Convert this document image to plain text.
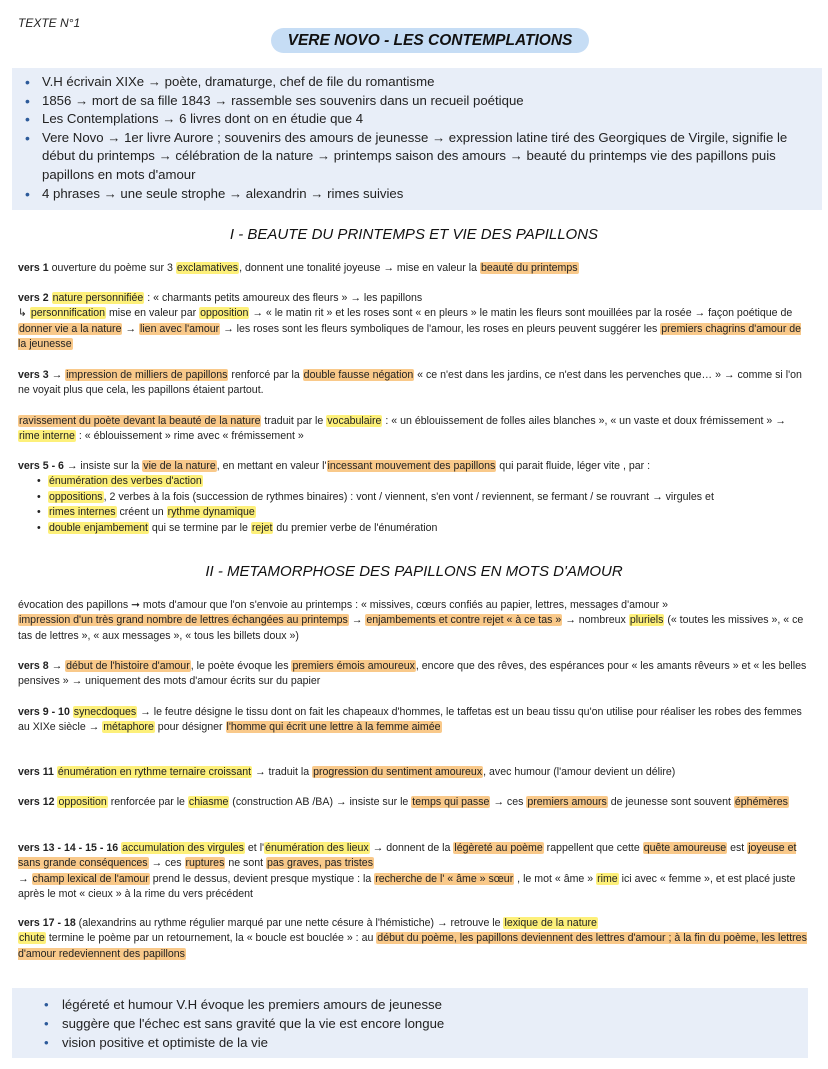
TEXTE N°1
VERE NOVO - LES CONTEMPLATIONS
• V.H écrivain XIXe → poète, dramaturge, chef de file du romantisme
• 1856 → mort de sa fille 1843 → rassemble ses souvenirs dans un recueil poétique
• Les Contemplations → 6 livres dont on en étudie que 4
• Vere Novo → 1er livre Aurore ; souvenirs des amours de jeunesse → expression latine tiré des Georgiques de Virgile, signifie le début du printemps → célébration de la nature → printemps saison des amours → beauté du printemps vie des papillons puis papillons en mots d'amour
• 4 phrases → une seule strophe → alexandrin → rimes suivies
I - BEAUTE DU PRINTEMPS ET VIE DES PAPILLONS

vers 1 ouverture du poème sur 3 exclamatives, donnent une tonalité joyeuse → mise en valeur la beauté du printemps

vers 2 nature personnifiée : « charmants petits amoureux des fleurs » → les papillons
↳ personnification mise en valeur par opposition → « le matin rit » et les roses sont « en pleurs » le matin les fleurs sont mouillées par la rosée → façon poétique de donner vie a la nature → lien avec l'amour → les roses sont les fleurs symboliques de l'amour, les roses en pleurs peuvent suggérer les premiers chagrins d'amour de la jeunesse

vers 3 → impression de milliers de papillons renforcé par la double fausse négation « ce n'est dans les jardins, ce n'est dans les pervenches que… » → comme si l'on ne voyait plus que cela, les papillons étaient partout.

ravissement du poète devant la beauté de la nature traduit par le vocabulaire : « un éblouissement de folles ailes blanches », « un vaste et doux frémissement » → rime interne : « éblouissement » rime avec « frémissement »

vers 5 - 6 → insiste sur la vie de la nature, en mettant en valeur l'incessant mouvement des papillons qui parait fluide, léger vite , par :

• énumération des verbes d'action
• oppositions, 2 verbes à la fois (succession de rythmes binaires) : vont / viennent, s'en vont / reviennent, se fermant / se rouvrant → virgules et
• rimes internes créent un rythme dynamique
• double enjambement qui se termine par le rejet du premier verbe de l'énumération
II - METAMORPHOSE DES PAPILLONS EN MOTS D'AMOUR

évocation des papillons ➞ mots d'amour que l'on s'envoie au printemps : « missives, cœurs confiés au papier, lettres, messages d'amour »
impression d'un très grand nombre de lettres échangées au printemps → enjambements et contre rejet « à ce tas » → nombreux pluriels (« toutes les missives », « ce tas de lettres », « aux messages », « tous les billets doux »)

vers 8 → début de l'histoire d'amour, le poète évoque les premiers émois amoureux, encore que des rêves, des espérances pour « les amants rêveurs » et « les belles pensives » → uniquement des mots d'amour écrits sur du papier

vers 9 - 10 synecdoques → le feutre désigne le tissu dont on fait les chapeaux d'hommes, le taffetas est un beau tissu qu'on utilise pour réaliser les robes des femmes au XIXe siècle → métaphore pour désigner l'homme qui écrit une lettre à la femme aimée

vers 11 énumération en rythme ternaire croissant → traduit la progression du sentiment amoureux, avec humour (l'amour devient un délire)

vers 12 opposition renforcée par le chiasme (construction AB /BA) → insiste sur le temps qui passe → ces premiers amours de jeunesse sont souvent éphémères

vers 13 - 14 - 15 - 16 accumulation des virgules et l'énumération des lieux → donnent de la légèreté au poème rappellent que cette quête amoureuse est joyeuse et sans grande conséquences → ces ruptures ne sont pas graves, pas tristes
→ champ lexical de l'amour prend le dessus, devient presque mystique : la recherche de l' « âme » sœur , le mot « âme » rime ici avec « femme », et est placé juste après le mot « cieux » à la rime du vers précédent

vers 17 - 18 (alexandrins au rythme régulier marqué par une nette césure à l'hémistiche) → retrouve le lexique de la nature
chute termine le poème par un retournement, la « boucle est bouclée » : au début du poème, les papillons deviennent des lettres d'amour ; à la fin du poème, les lettres d'amour redeviennent des papillons

• légéreté et humour V.H évoque les premiers amours de jeunesse
• suggère que l'échec est sans gravité que la vie est encore longue
• vision positive et optimiste de la vie
